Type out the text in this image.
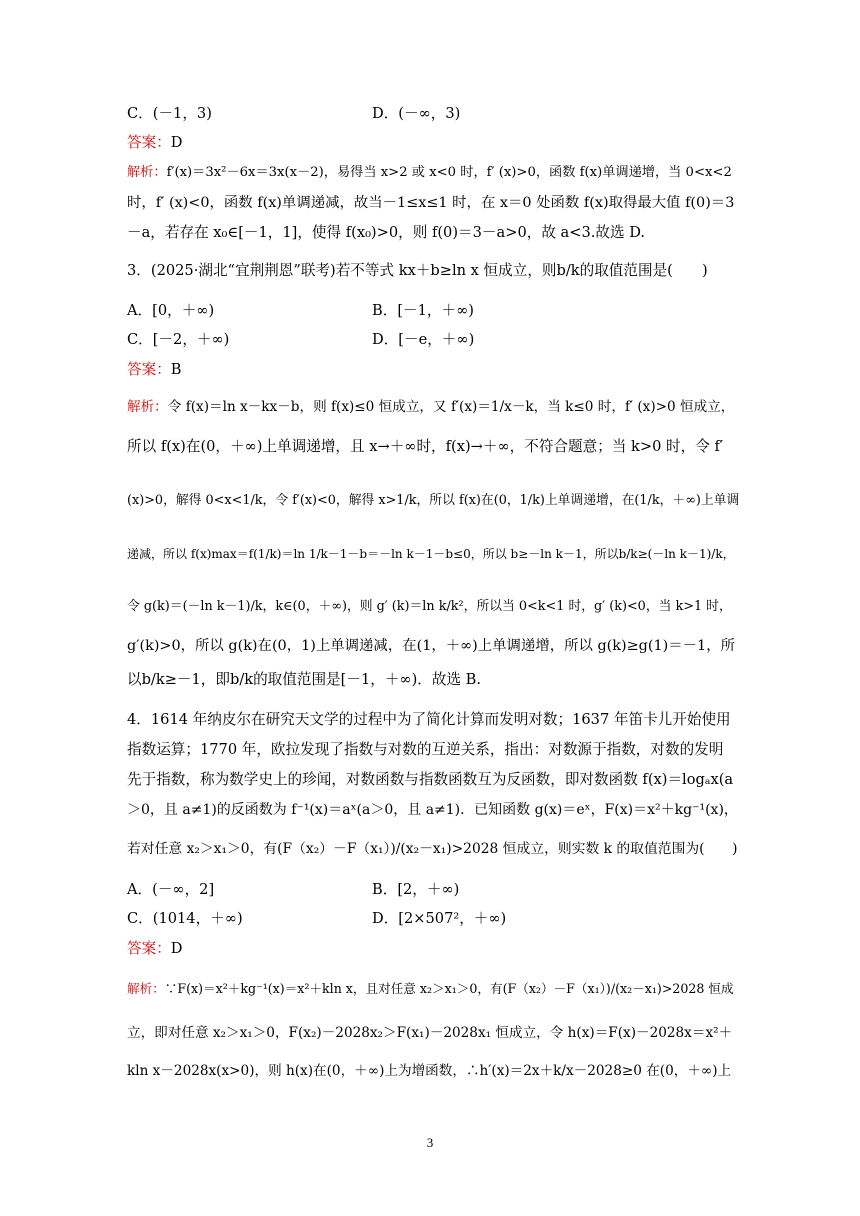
C．(－1，3)	D．(－∞，3)
答案：D
解析：f′(x)＝3x²－6x＝3x(x－2)，易得当 x>2 或 x<0 时，f′ (x)>0，函数 f(x)单调递增，当 0<x<2
时，f′ (x)<0，函数 f(x)单调递减，故当－1≤x≤1 时，在 x＝0 处函数 f(x)取得最大值 f(0)＝3
－a，若存在 x₀∈[－1，1]，使得 f(x₀)>0，则 f(0)＝3－a>0，故 a<3.故选 D.
3．(2025·湖北“宜荆荆恩”联考)若不等式 kx＋b≥ln x 恒成立，则b/k的取值范围是(　　)
A．[0，＋∞)	B．[－1，＋∞)
C．[－2，＋∞)	D．[－e，＋∞)
答案：B
解析：令 f(x)＝ln x－kx－b，则 f(x)≤0 恒成立，又 f′(x)＝1/x－k，当 k≤0 时，f′ (x)>0 恒成立，
所以 f(x)在(0，＋∞)上单调递增，且 x→＋∞时，f(x)→＋∞，不符合题意；当 k>0 时，令 f′
(x)>0，解得 0<x<1/k，令 f′(x)<0，解得 x>1/k，所以 f(x)在(0，1/k)上单调递增，在(1/k，＋∞)上单调
递减，所以 f(x)max＝f(1/k)＝ln 1/k－1－b＝－ln k－1－b≤0，所以 b≥－ln k－1，所以b/k≥(－ln k－1)/k，
令 g(k)＝(－ln k－1)/k，k∈(0，＋∞)，则 g′ (k)＝ln k/k²，所以当 0<k<1 时，g′ (k)<0，当 k>1 时，
g′(k)>0，所以 g(k)在(0，1)上单调递减，在(1，＋∞)上单调递增，所以 g(k)≥g(1)＝－1，所
以b/k≥－1，即b/k的取值范围是[－1，＋∞)．故选 B.
4．1614 年纳皮尔在研究天文学的过程中为了简化计算而发明对数；1637 年笛卡儿开始使用
指数运算；1770 年，欧拉发现了指数与对数的互逆关系，指出：对数源于指数，对数的发明
先于指数，称为数学史上的珍闻，对数函数与指数函数互为反函数，即对数函数 f(x)＝logₐx(a
＞0，且 a≠1)的反函数为 f⁻¹(x)＝aˣ(a＞0，且 a≠1)．已知函数 g(x)＝eˣ，F(x)＝x²＋kg⁻¹(x)，
若对任意 x₂＞x₁＞0，有(F（x₂）－F（x₁）)/(x₂－x₁)>2028 恒成立，则实数 k 的取值范围为(　　)
A．(－∞，2]	B．[2，＋∞)
C．(1014，＋∞)	D．[2×507²，＋∞)
答案：D
解析：∵F(x)＝x²＋kg⁻¹(x)＝x²＋kln x，且对任意 x₂＞x₁＞0，有(F（x₂）－F（x₁）)/(x₂－x₁)>2028 恒成
立，即对任意 x₂＞x₁＞0，F(x₂)－2028x₂＞F(x₁)－2028x₁ 恒成立，令 h(x)＝F(x)－2028x＝x²＋
kln x－2028x(x>0)，则 h(x)在(0，＋∞)上为增函数，∴h′(x)＝2x＋k/x－2028≥0 在(0，＋∞)上
3
